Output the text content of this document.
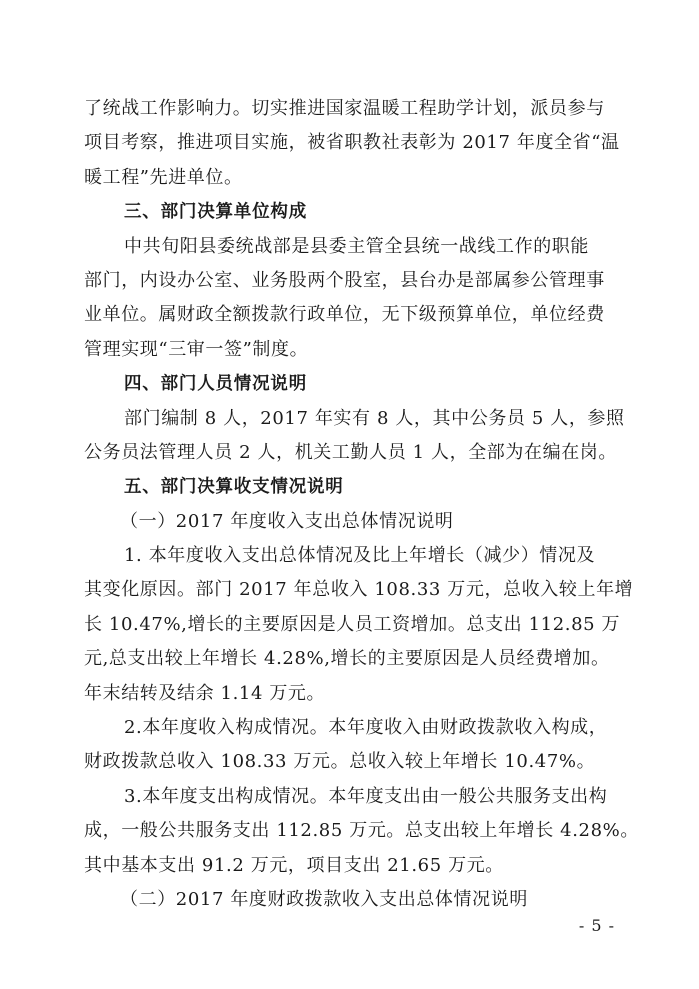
了统战工作影响力。切实推进国家温暖工程助学计划，派员参与
项目考察，推进项目实施，被省职教社表彰为 2017 年度全省“温
暖工程”先进单位。
三、部门决算单位构成
中共旬阳县委统战部是县委主管全县统一战线工作的职能
部门，内设办公室、业务股两个股室，县台办是部属参公管理事
业单位。属财政全额拨款行政单位，无下级预算单位，单位经费
管理实现“三审一签”制度。
四、部门人员情况说明
部门编制 8 人，2017 年实有 8 人，其中公务员 5 人，参照
公务员法管理人员 2 人，机关工勤人员 1 人，全部为在编在岗。
五、部门决算收支情况说明
（一）2017 年度收入支出总体情况说明
1. 本年度收入支出总体情况及比上年增长（减少）情况及
其变化原因。部门 2017 年总收入 108.33 万元，总收入较上年增
长 10.47%,增长的主要原因是人员工资增加。总支出 112.85 万
元,总支出较上年增长 4.28%,增长的主要原因是人员经费增加。
年末结转及结余 1.14 万元。
2.本年度收入构成情况。本年度收入由财政拨款收入构成，
财政拨款总收入 108.33 万元。总收入较上年增长 10.47%。
3.本年度支出构成情况。本年度支出由一般公共服务支出构
成，一般公共服务支出 112.85 万元。总支出较上年增长 4.28%。
其中基本支出 91.2 万元，项目支出 21.65 万元。
（二）2017 年度财政拨款收入支出总体情况说明
- 5 -
